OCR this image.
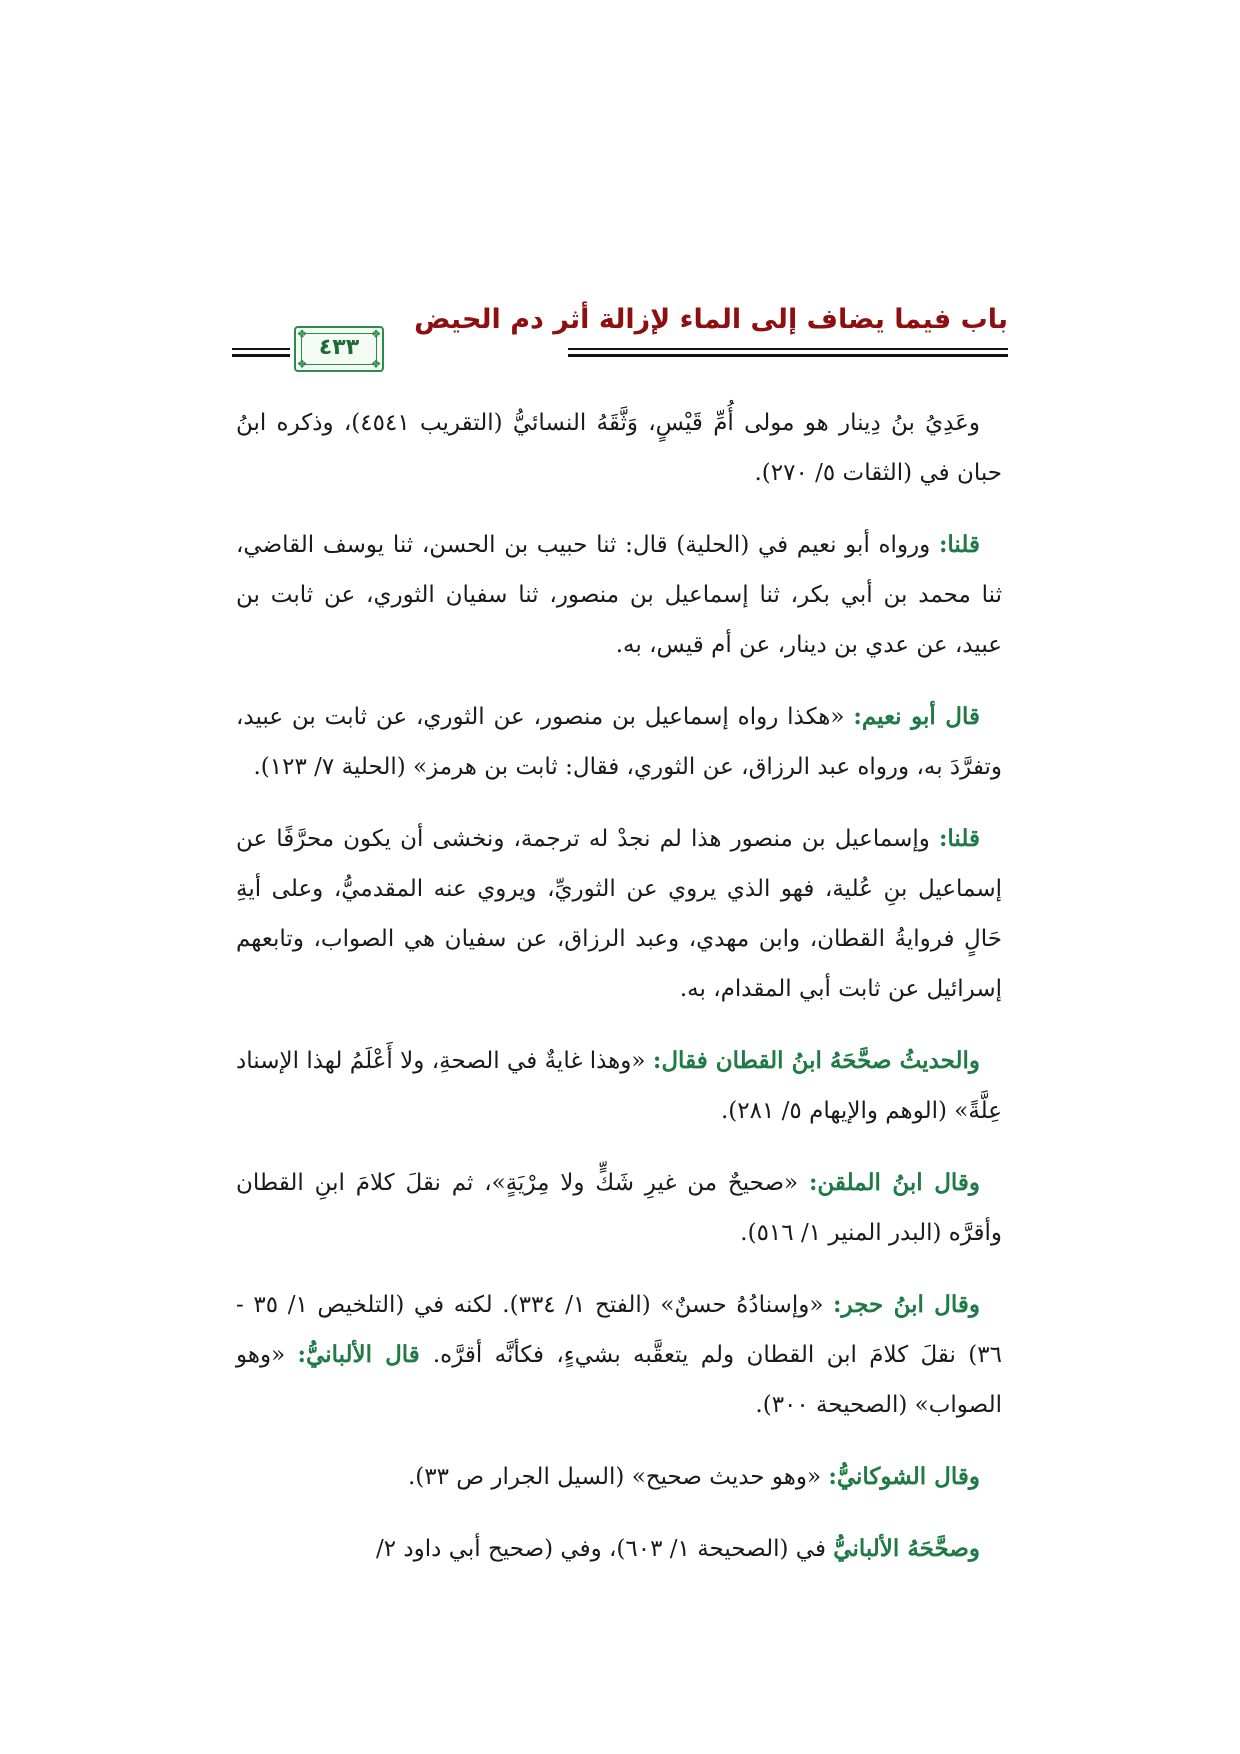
باب فيما يضاف إلى الماء لإزالة أثر دم الحيض
❖	❖
❖	❖
٤٣٣

وعَدِيُ بنُ دِينار هو مولى أُمِّ قَيْسٍ، وَثَّقَهُ النسائيُّ (التقريب ٤٥٤١)، وذكره ابنُ حبان في (الثقات ٥/ ٢٧٠).

قلنا: ورواه أبو نعيم في (الحلية) قال: ثنا حبيب بن الحسن، ثنا يوسف القاضي، ثنا محمد بن أبي بكر، ثنا إسماعيل بن منصور، ثنا سفيان الثوري، عن ثابت بن عبيد، عن عدي بن دينار، عن أم قيس، به.

قال أبو نعيم: «هكذا رواه إسماعيل بن منصور، عن الثوري، عن ثابت بن عبيد، وتفرَّدَ به، ورواه عبد الرزاق، عن الثوري، فقال: ثابت بن هرمز» (الحلية ٧/ ١٢٣).

قلنا: وإسماعيل بن منصور هذا لم نجدْ له ترجمة، ونخشى أن يكون محرَّفًا عن إسماعيل بنِ عُلية، فهو الذي يروي عن الثوريِّ، ويروي عنه المقدميُّ، وعلى أيةِ حَالٍ فروايةُ القطان، وابن مهدي، وعبد الرزاق، عن سفيان هي الصواب، وتابعهم إسرائيل عن ثابت أبي المقدام، به.

والحديثُ صحَّحَهُ ابنُ القطان فقال: «وهذا غايةٌ في الصحةِ، ولا أَعْلَمُ لهذا الإسناد عِلَّةً» (الوهم والإيهام ٥/ ٢٨١).

وقال ابنُ الملقن: «صحيحٌ من غيرِ شَكٍّ ولا مِرْيَةٍ»، ثم نقلَ كلامَ ابنِ القطان وأقرَّه (البدر المنير ١/ ٥١٦).

وقال ابنُ حجر: «وإسنادُهُ حسنٌ» (الفتح ١/ ٣٣٤). لكنه في (التلخيص ١/ ٣٥ - ٣٦) نقلَ كلامَ ابن القطان ولم يتعقَّبه بشيءٍ، فكأنَّه أقرَّه. قال الألبانيُّ: «وهو الصواب» (الصحيحة ٣٠٠).

وقال الشوكانيُّ: «وهو حديث صحيح» (السيل الجرار ص ٣٣).

وصحَّحَهُ الألبانيُّ في (الصحيحة ١/ ٦٠٣)، وفي (صحيح أبي داود ٢/
